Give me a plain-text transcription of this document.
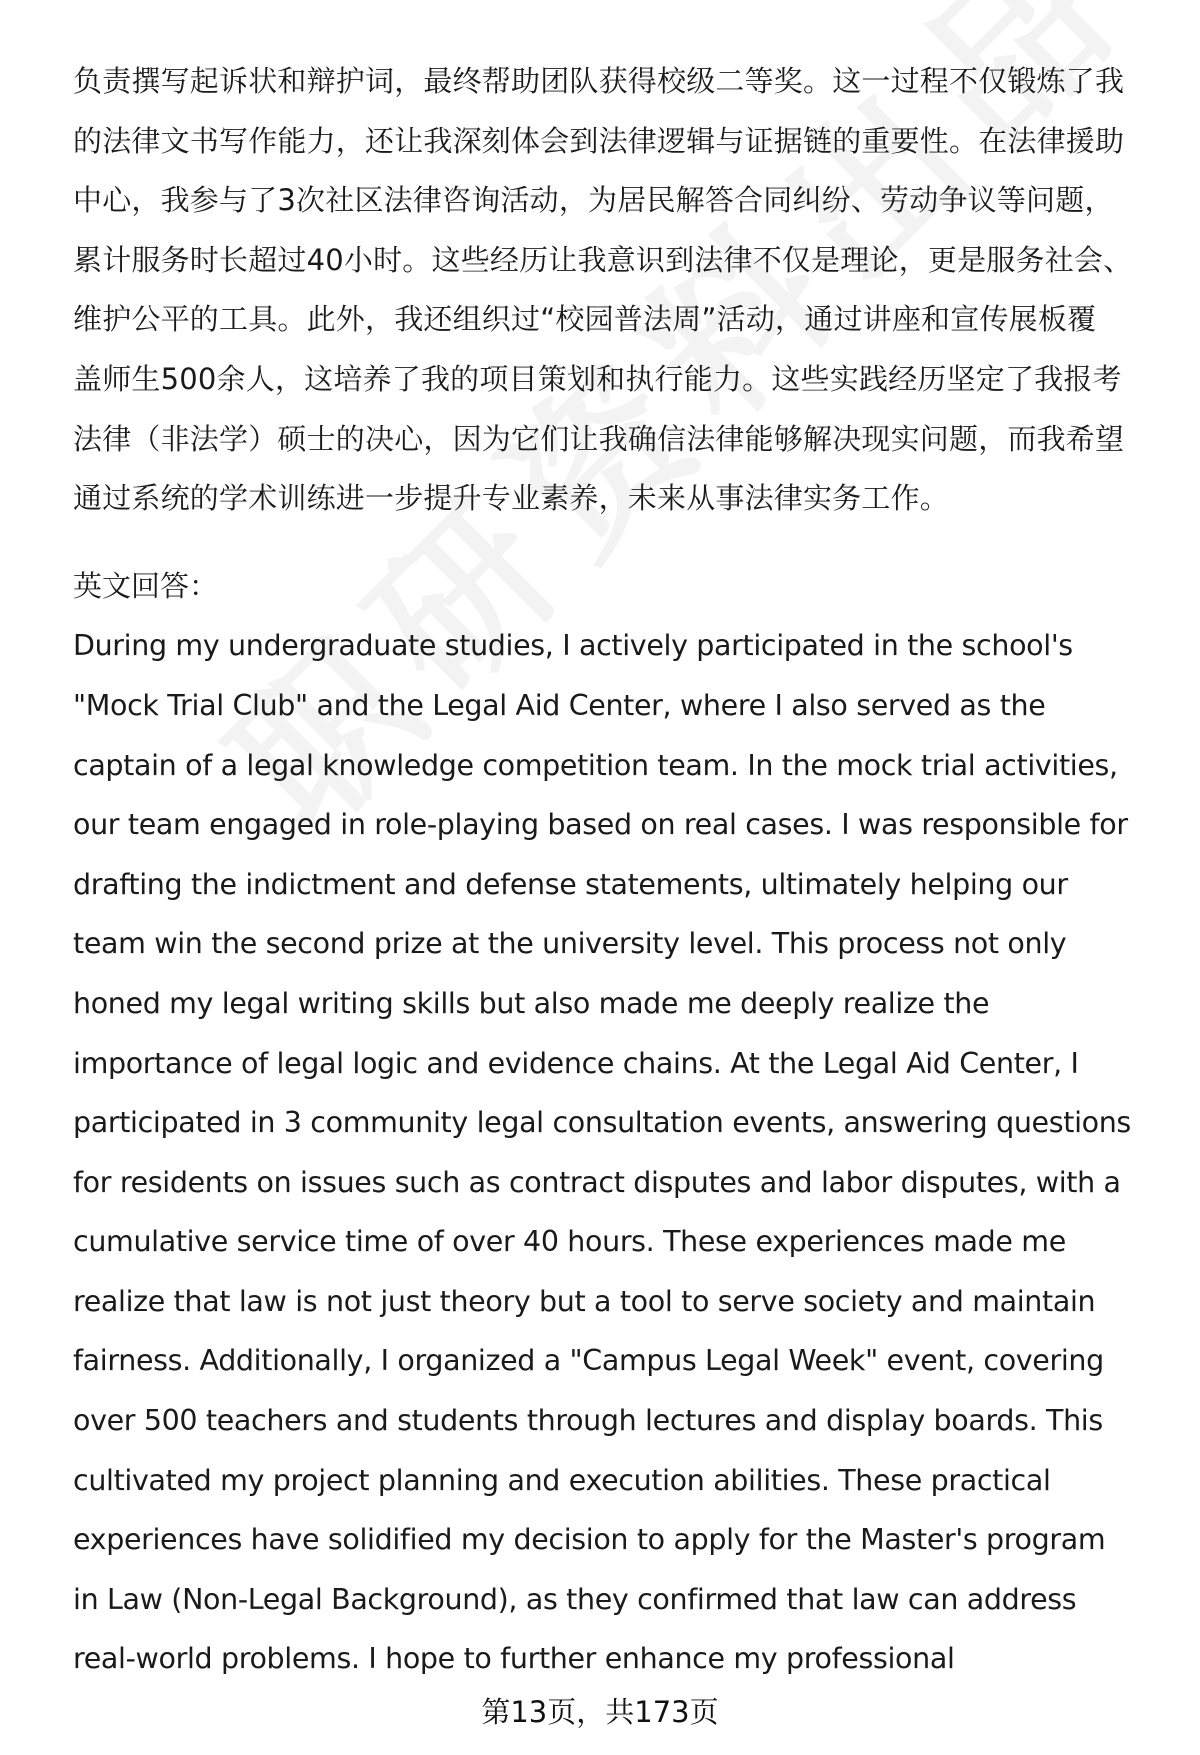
负责撰写起诉状和辩护词，最终帮助团队获得校级二等奖。这一过程不仅锻炼了我
的法律文书写作能力，还让我深刻体会到法律逻辑与证据链的重要性。在法律援助
中心，我参与了3次社区法律咨询活动，为居民解答合同纠纷、劳动争议等问题，
累计服务时长超过40小时。这些经历让我意识到法律不仅是理论，更是服务社会、
维护公平的工具。此外，我还组织过“校园普法周”活动，通过讲座和宣传展板覆
盖师生500余人，这培养了我的项目策划和执行能力。这些实践经历坚定了我报考
法律（非法学）硕士的决心，因为它们让我确信法律能够解决现实问题，而我希望
通过系统的学术训练进一步提升专业素养，未来从事法律实务工作。
英文回答：
During my undergraduate studies, I actively participated in the school's
"Mock Trial Club" and the Legal Aid Center, where I also served as the
captain of a legal knowledge competition team. In the mock trial activities,
our team engaged in role-playing based on real cases. I was responsible for
drafting the indictment and defense statements, ultimately helping our
team win the second prize at the university level. This process not only
honed my legal writing skills but also made me deeply realize the
importance of legal logic and evidence chains. At the Legal Aid Center, I
participated in 3 community legal consultation events, answering questions
for residents on issues such as contract disputes and labor disputes, with a
cumulative service time of over 40 hours. These experiences made me
realize that law is not just theory but a tool to serve society and maintain
fairness. Additionally, I organized a "Campus Legal Week" event, covering
over 500 teachers and students through lectures and display boards. This
cultivated my project planning and execution abilities. These practical
experiences have solidified my decision to apply for the Master's program
in Law (Non-Legal Background), as they confirmed that law can address
real-world problems. I hope to further enhance my professional
第13页，共173页
